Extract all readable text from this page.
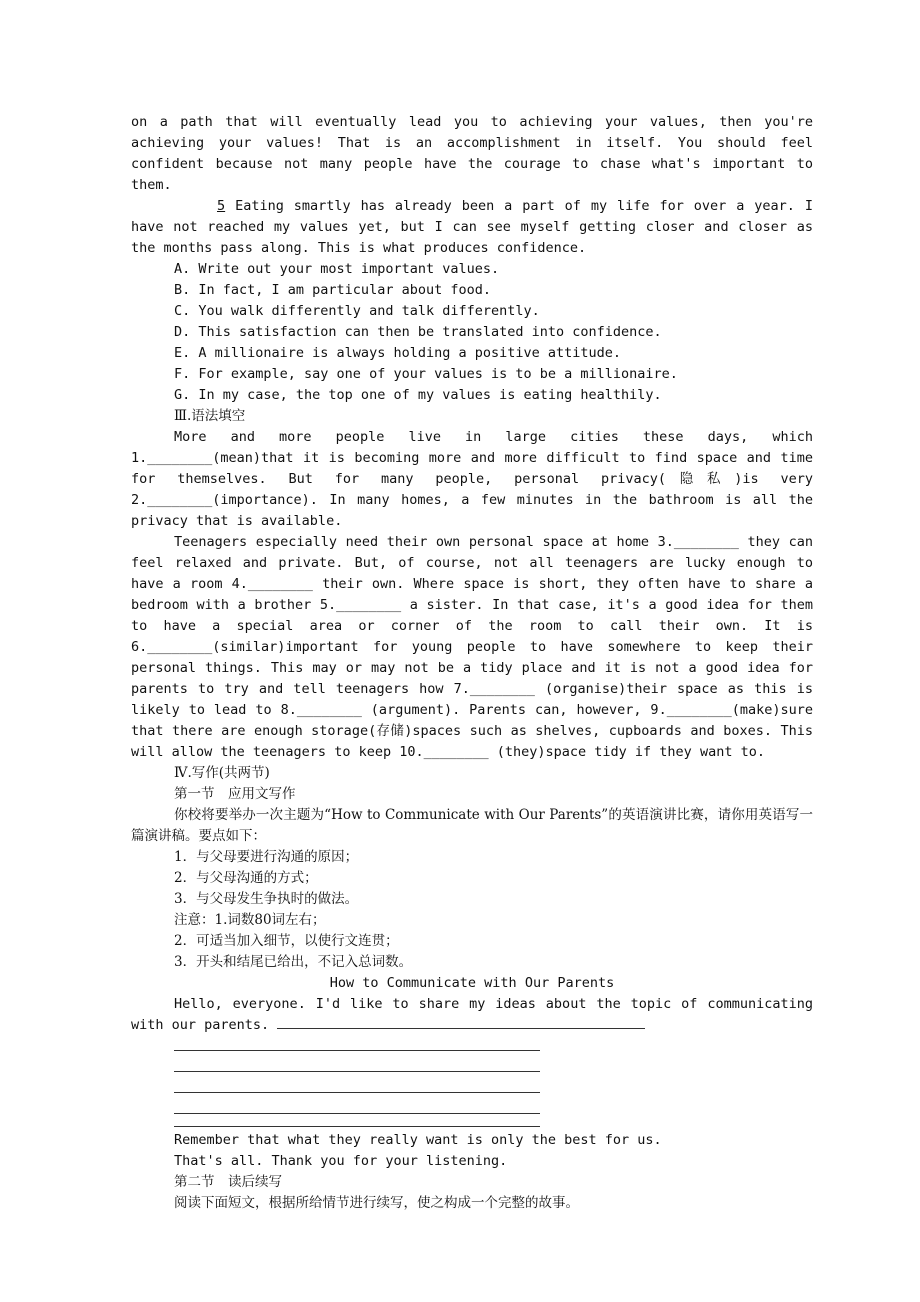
on a path that will eventually lead you to achieving your values, then you're achieving your values! That is an accomplishment in itself. You should feel confident because not many people have the courage to chase what's important to them.

5 Eating smartly has already been a part of my life for over a year. I have not reached my values yet, but I can see myself getting closer and closer as the months pass along. This is what produces confidence.

A. Write out your most important values.

B. In fact, I am particular about food.

C. You walk differently and talk differently.

D. This satisfaction can then be translated into confidence.

E. A millionaire is always holding a positive attitude.

F. For example, say one of your values is to be a millionaire.

G. In my case, the top one of my values is eating healthily.

Ⅲ.语法填空

More and more people live in large cities these days, which 1.________(mean)that it is becoming more and more difficult to find space and time for themselves. But for many people, personal privacy(隐私)is very 2.________(importance). In many homes, a few minutes in the bathroom is all the privacy that is available.

Teenagers especially need their own personal space at home 3.________ they can feel relaxed and private. But, of course, not all teenagers are lucky enough to have a room 4.________ their own. Where space is short, they often have to share a bedroom with a brother 5.________ a sister. In that case, it's a good idea for them to have a special area or corner of the room to call their own. It is 6.________(similar)important for young people to have somewhere to keep their personal things. This may or may not be a tidy place and it is not a good idea for parents to try and tell teenagers how 7.________ (organise)their space as this is likely to lead to 8.________ (argument). Parents can, however, 9.________(make)sure that there are enough storage(存储)spaces such as shelves, cupboards and boxes. This will allow the teenagers to keep 10.________ (they)space tidy if they want to.

Ⅳ.写作(共两节)

第一节　应用文写作

你校将要举办一次主题为“How to Communicate with Our Parents”的英语演讲比赛，请你用英语写一篇演讲稿。要点如下：

1．与父母要进行沟通的原因；

2．与父母沟通的方式；

3．与父母发生争执时的做法。

注意：1.词数80词左右；

2．可适当加入细节，以使行文连贯；

3．开头和结尾已给出，不记入总词数。

How to Communicate with Our Parents

Hello, everyone. I'd like to share my ideas about the topic of communicating with our parents.

Remember that what they really want is only the best for us.

That's all. Thank you for your listening.

第二节　读后续写

阅读下面短文，根据所给情节进行续写，使之构成一个完整的故事。
